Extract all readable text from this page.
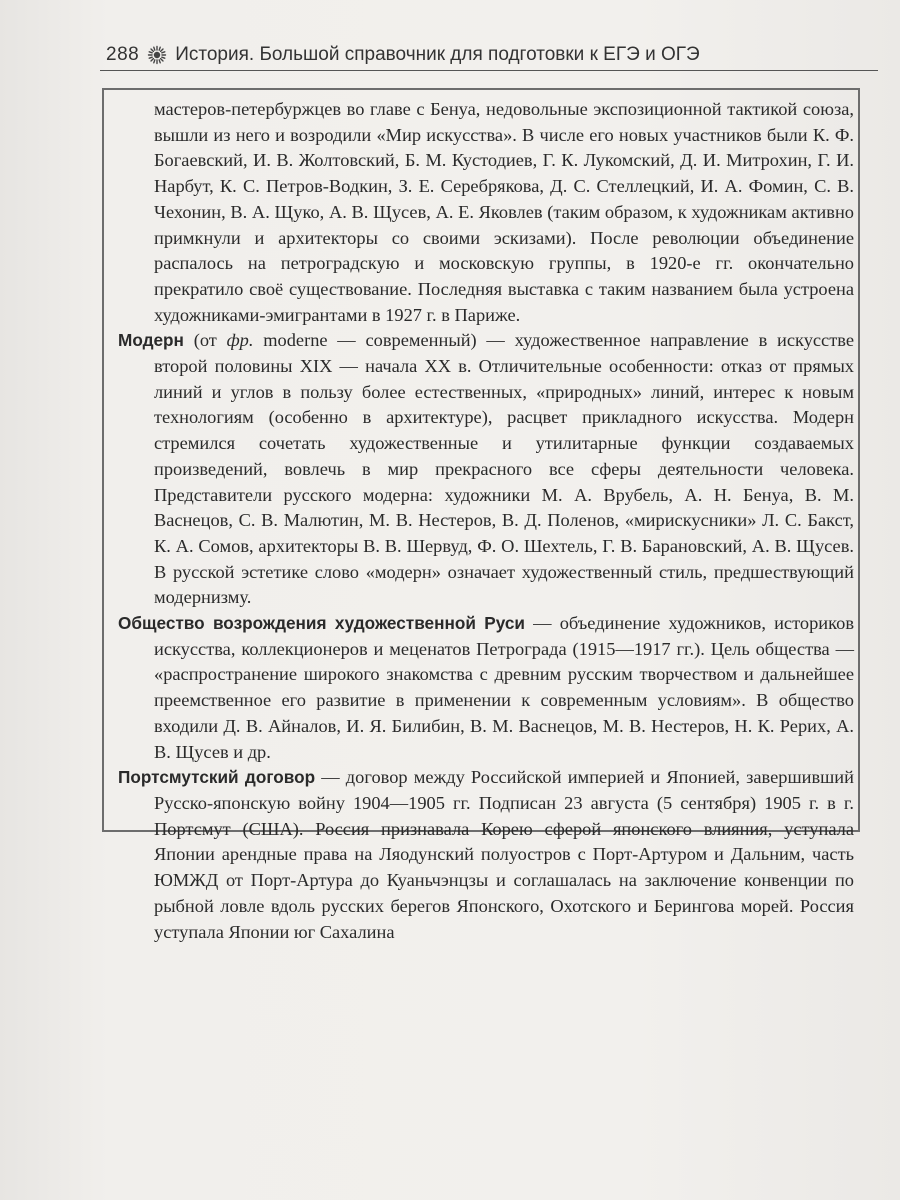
288 История. Большой справочник для подготовки к ЕГЭ и ОГЭ

мастеров-петербуржцев во главе с Бенуа, недовольные экспозиционной тактикой союза, вышли из него и возродили «Мир искусства». В числе его новых участников были К. Ф. Богаевский, И. В. Жолтовский, Б. М. Кустодиев, Г. К. Лукомский, Д. И. Митрохин, Г. И. Нарбут, К. С. Петров-Водкин, З. Е. Серебрякова, Д. С. Стеллецкий, И. А. Фомин, С. В. Чехонин, В. А. Щуко, А. В. Щусев, А. Е. Яковлев (таким образом, к художникам активно примкнули и архитекторы со своими эскизами). После революции объединение распалось на петроградскую и московскую группы, в 1920-е гг. окончательно прекратило своё существование. Последняя выставка с таким названием была устроена художниками-эмигрантами в 1927 г. в Париже.

Модерн (от фр. moderne — современный) — художественное направление в искусстве второй половины XIX — начала XX в. Отличительные особенности: отказ от прямых линий и углов в пользу более естественных, «природных» линий, интерес к новым технологиям (особенно в архитектуре), расцвет прикладного искусства. Модерн стремился сочетать художественные и утилитарные функции создаваемых произведений, вовлечь в мир прекрасного все сферы деятельности человека. Представители русского модерна: художники М. А. Врубель, А. Н. Бенуа, В. М. Васнецов, С. В. Малютин, М. В. Нестеров, В. Д. Поленов, «мирискусники» Л. С. Бакст, К. А. Сомов, архитекторы В. В. Шервуд, Ф. О. Шехтель, Г. В. Барановский, А. В. Щусев. В русской эстетике слово «модерн» означает художественный стиль, предшествующий модернизму.

Общество возрождения художественной Руси — объединение художников, историков искусства, коллекционеров и меценатов Петрограда (1915—1917 гг.). Цель общества — «распространение широкого знакомства с древним русским творчеством и дальнейшее преемственное его развитие в применении к современным условиям». В общество входили Д. В. Айналов, И. Я. Билибин, В. М. Васнецов, М. В. Нестеров, Н. К. Рерих, А. В. Щусев и др.

Портсмутский договор — договор между Российской империей и Японией, завершивший Русско-японскую войну 1904—1905 гг. Подписан 23 августа (5 сентября) 1905 г. в г. Портсмут (США). Россия признавала Корею сферой японского влияния, уступала Японии арендные права на Ляодунский полуостров с Порт-Артуром и Дальним, часть ЮМЖД от Порт-Артура до Куаньчэнцзы и соглашалась на заключение конвенции по рыбной ловле вдоль русских берегов Японского, Охотского и Берингова морей. Россия уступала Японии юг Сахалина
